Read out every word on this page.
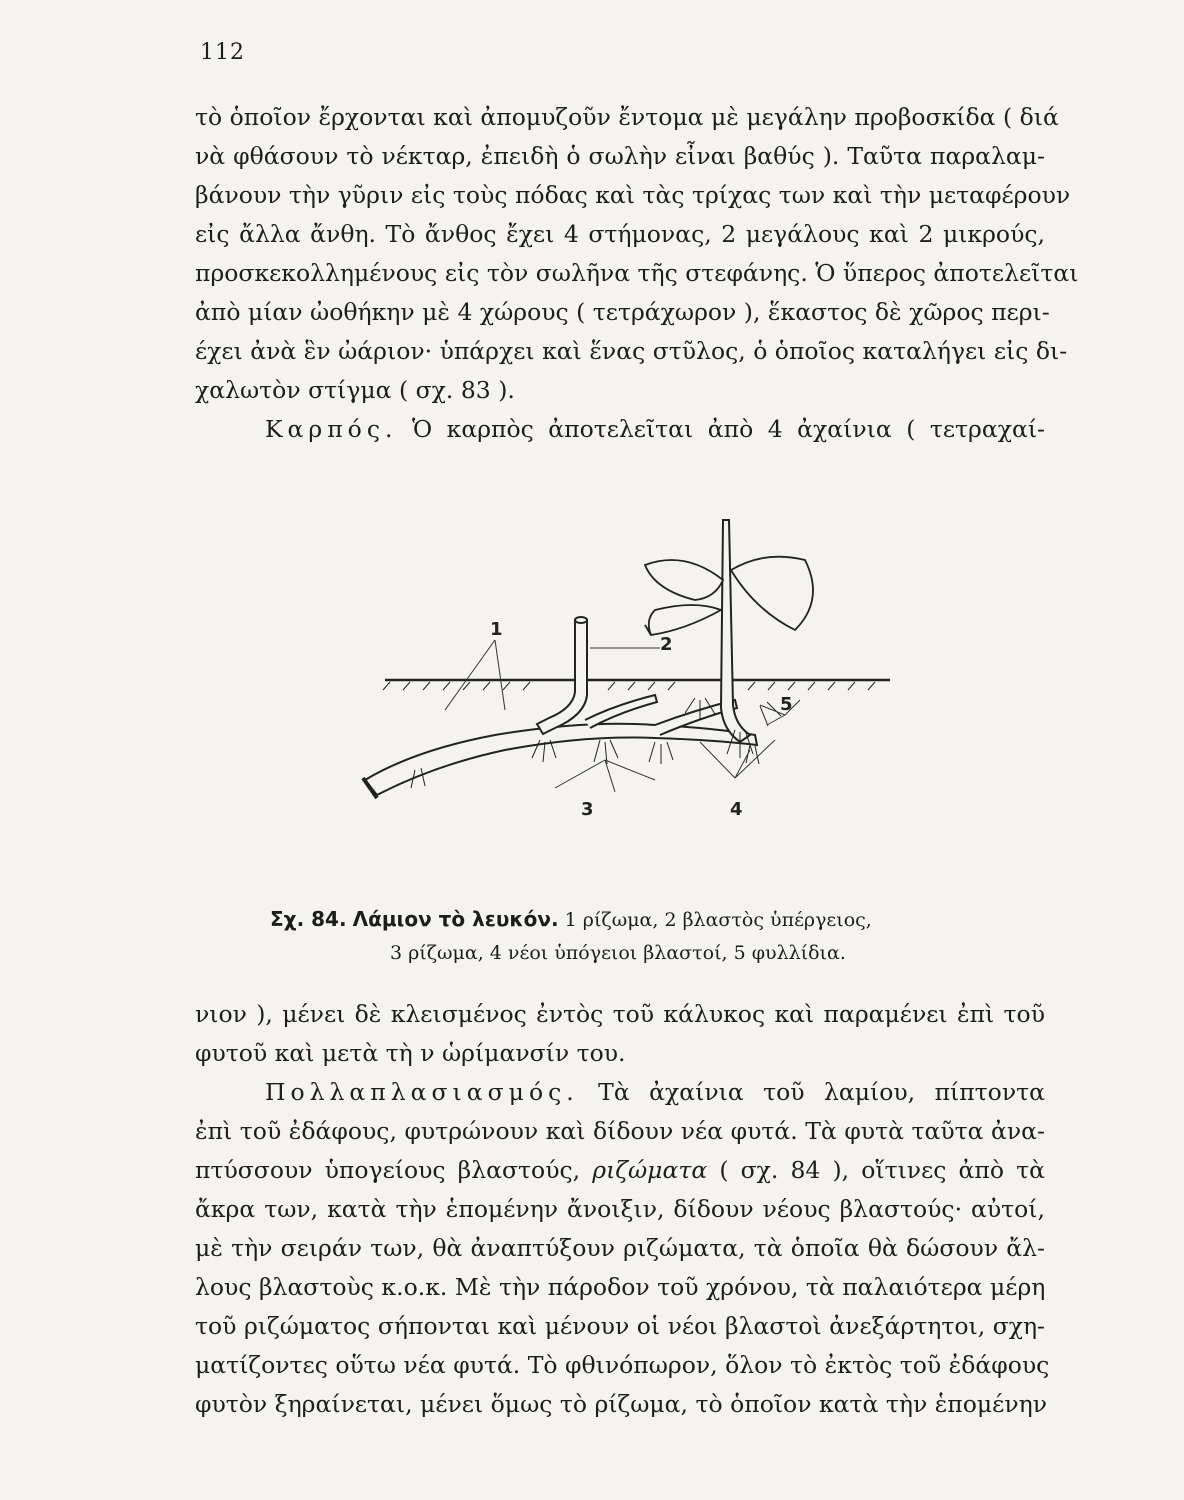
112
τὸ ὁποῖον ἔρχονται καὶ ἀπομυζοῦν ἔντομα μὲ μεγάλην προβοσκίδα ( διά
νὰ φθάσουν τὸ νέκταρ, ἐπειδὴ ὁ σωλὴν εἶναι βαθύς ). Ταῦτα παραλαμ-
βάνουν τὴν γῦριν εἰς τοὺς πόδας καὶ τὰς τρίχας των καὶ τὴν μεταφέρουν
εἰς ἄλλα ἄνθη. Τὸ ἄνθος ἔχει 4 στήμονας, 2 μεγάλους καὶ 2 μικρούς,
προσκεκολλημένους εἰς τὸν σωλῆνα τῆς στεφάνης. Ὁ ὕπερος ἀποτελεῖται
ἀπὸ μίαν ὠοθήκην μὲ 4 χώρους ( τετράχωρον ), ἕκαστος δὲ χῶρος περι-
έχει ἀνὰ ἓν ὠάριον· ὑπάρχει καὶ ἕνας στῦλος, ὁ ὁποῖος καταλήγει εἰς δι-
χαλωτὸν στίγμα ( σχ. 83 ).
Καρπός. Ὁ καρπὸς ἀποτελεῖται ἀπὸ 4 ἀχαίνια ( τετραχαί-
1
2
3	4
5
Σχ. 84. Λάμιον τὸ λευκόν. 1 ρίζωμα, 2 βλαστὸς ὑπέργειος,
3 ρίζωμα, 4 νέοι ὑπόγειοι βλαστοί, 5 φυλλίδια.
νιον ), μένει δὲ κλεισμένος ἐντὸς τοῦ κάλυκος καὶ παραμένει ἐπὶ τοῦ
φυτοῦ καὶ μετὰ τὴ ν ὡρίμανσίν του.
Πολλαπλασιασμός. Τὰ ἀχαίνια τοῦ λαμίου, πίπτοντα
ἐπὶ τοῦ ἐδάφους, φυτρώνουν καὶ δίδουν νέα φυτά. Τὰ φυτὰ ταῦτα ἀνα-
πτύσσουν ὑπογείους βλαστούς, ριζώματα ( σχ. 84 ), οἵτινες ἀπὸ τὰ
ἄκρα των, κατὰ τὴν ἑπομένην ἄνοιξιν, δίδουν νέους βλαστούς· αὐτοί,
μὲ τὴν σειράν των, θὰ ἀναπτύξουν ριζώματα, τὰ ὁποῖα θὰ δώσουν ἄλ-
λους βλαστοὺς κ.ο.κ. Μὲ τὴν πάροδον τοῦ χρόνου, τὰ παλαιότερα μέρη
τοῦ ριζώματος σήπονται καὶ μένουν οἱ νέοι βλαστοὶ ἀνεξάρτητοι, σχη-
ματίζοντες οὕτω νέα φυτά. Τὸ φθινόπωρον, ὅλον τὸ ἐκτὸς τοῦ ἐδάφους
φυτὸν ξηραίνεται, μένει ὅμως τὸ ρίζωμα, τὸ ὁποῖον κατὰ τὴν ἑπομένην
